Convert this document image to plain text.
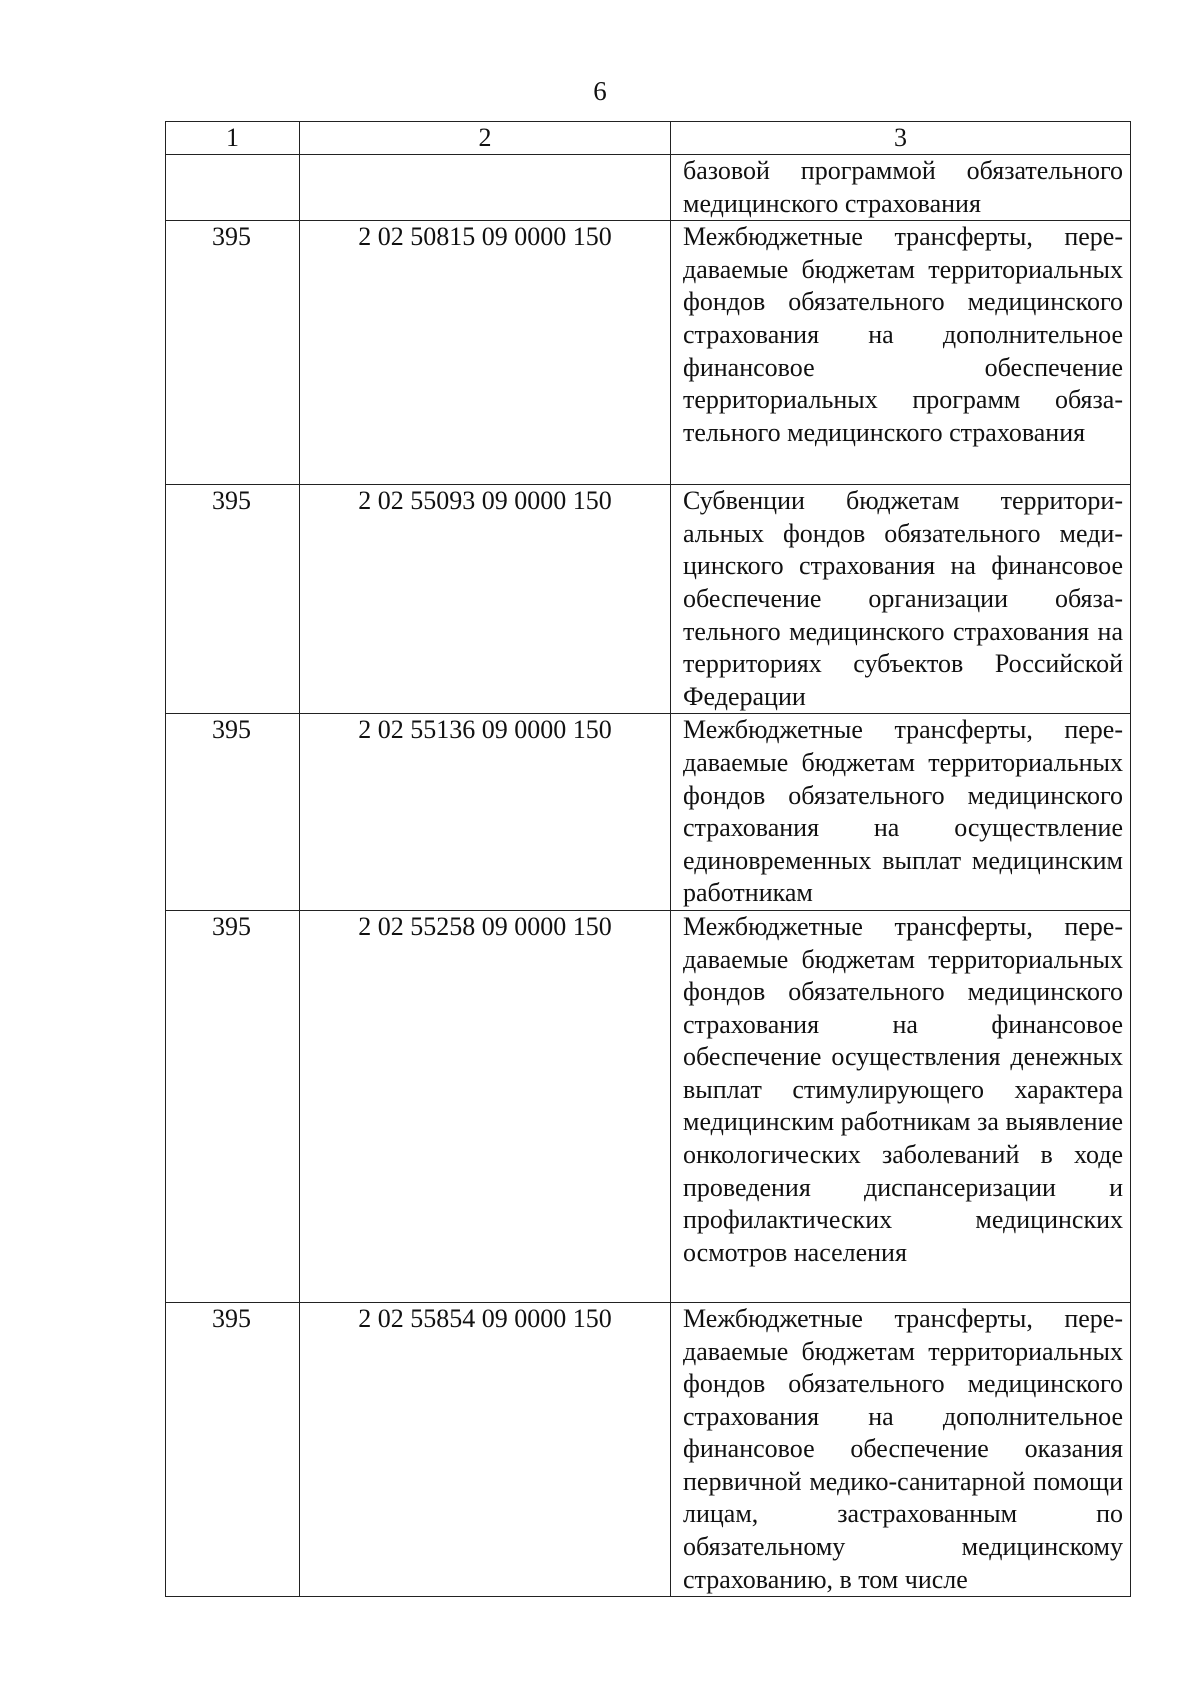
6
1	2	3
		базовой программой обязательного медицинского страхования
395	2 02 50815 09 0000 150	Межбюджетные трансферты, передаваемые бюджетам территориальных фондов обязательного медицинского страхования на дополнительное финансовое обеспечение территориальных программ обязательного медицинского страхования
395	2 02 55093 09 0000 150	Субвенции бюджетам территориальных фондов обязательного медицинского страхования на финансовое обеспечение организации обязательного медицинского страхования на территориях субъектов Российской Федерации
395	2 02 55136 09 0000 150	Межбюджетные трансферты, передаваемые бюджетам территориальных фондов обязательного медицинского страхования на осуществление единовременных выплат медицинским работникам
395	2 02 55258 09 0000 150	Межбюджетные трансферты, передаваемые бюджетам территориальных фондов обязательного медицинского страхования на финансовое обеспечение осуществления денежных выплат стимулирующего характера медицинским работникам за выявление онкологических заболеваний в ходе проведения диспансеризации и профилактических медицинских осмотров населения
395	2 02 55854 09 0000 150	Межбюджетные трансферты, передаваемые бюджетам территориальных фондов обязательного медицинского страхования на дополнительное финансовое обеспечение оказания первичной медико-санитарной помощи лицам, застрахованным по обязательному медицинскому страхованию, в том числе
